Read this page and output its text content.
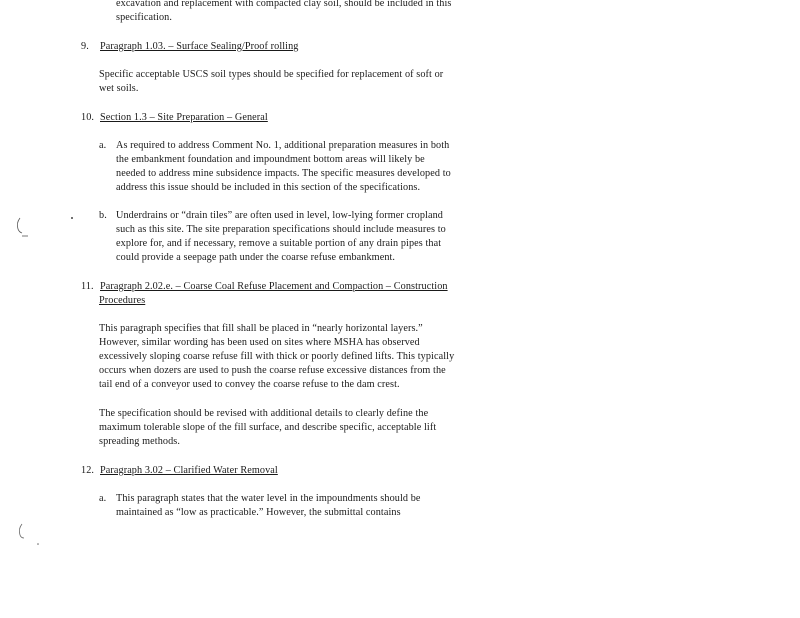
excavation and replacement with compacted clay soil, should be included in this
specification.
9. Paragraph 1.03. – Surface Sealing/Proof rolling
Specific acceptable USCS soil types should be specified for replacement of soft or
wet soils.
10. Section 1.3 – Site Preparation – General
a. As required to address Comment No. 1, additional preparation measures in both
the embankment foundation and impoundment bottom areas will likely be
needed to address mine subsidence impacts. The specific measures developed to
address this issue should be included in this section of the specifications.
b. Underdrains or “drain tiles” are often used in level, low-lying former cropland
such as this site. The site preparation specifications should include measures to
explore for, and if necessary, remove a suitable portion of any drain pipes that
could provide a seepage path under the coarse refuse embankment.
11. Paragraph 2.02.e. – Coarse Coal Refuse Placement and Compaction – Construction
Procedures
This paragraph specifies that fill shall be placed in “nearly horizontal layers.”
However, similar wording has been used on sites where MSHA has observed
excessively sloping coarse refuse fill with thick or poorly defined lifts. This typically
occurs when dozers are used to push the coarse refuse excessive distances from the
tail end of a conveyor used to convey the coarse refuse to the dam crest.
The specification should be revised with additional details to clearly define the
maximum tolerable slope of the fill surface, and describe specific, acceptable lift
spreading methods.
12. Paragraph 3.02 – Clarified Water Removal
a. This paragraph states that the water level in the impoundments should be
maintained as “low as practicable.” However, the submittal contains
